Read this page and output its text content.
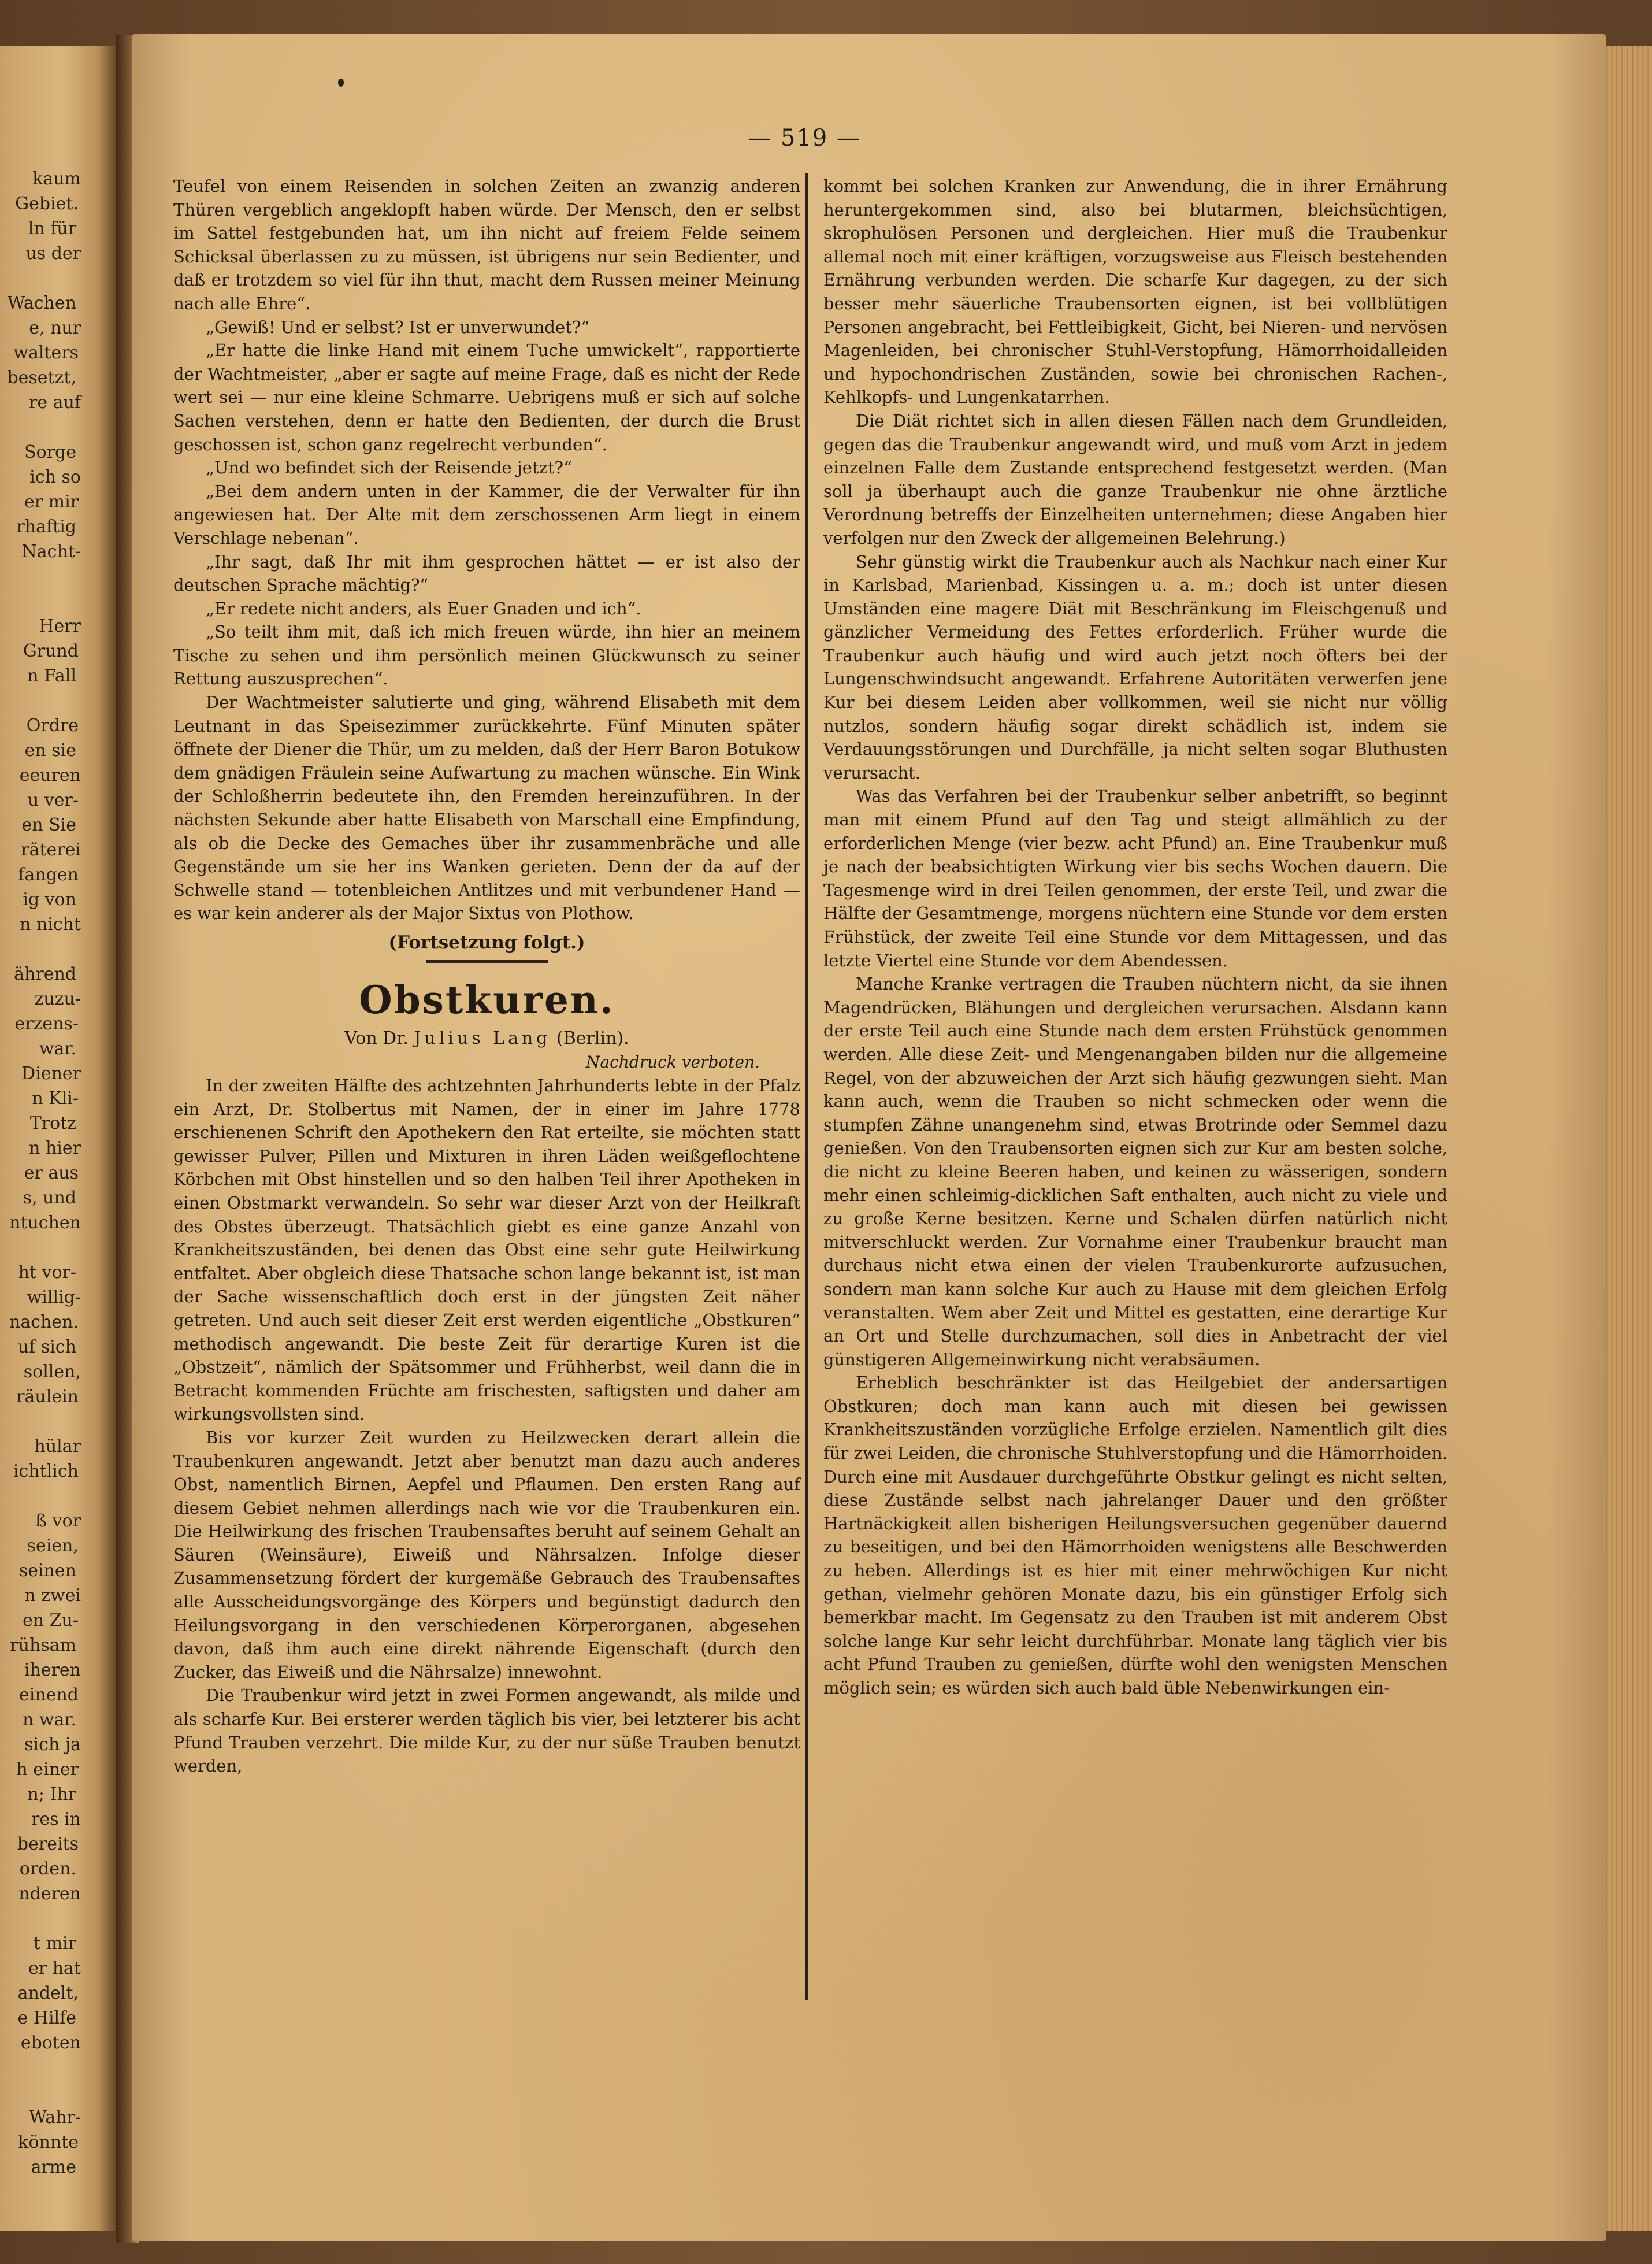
kaum
Gebiet.
ln für
us der
Wachen
e, nur
walters
besetzt,
re auf
Sorge
ich so
er mir
rhaftig
Nacht-
Herr
Grund
n Fall
Ordre
en sie
eeuren
u ver-
en Sie
räterei
fangen
ig von
n nicht
ährend
zuzu-
erzens-
war.
Diener
n Kli-
Trotz
n hier
er aus
s, und
ntuchen
ht vor-
willig-
nachen.
uf sich
sollen,
räulein
hülar
ichtlich
ß vor
seien,
seinen
n zwei
en Zu-
rühsam
iheren
einend
n war.
sich ja
h einer
n; Ihr
res in
bereits
orden.
nderen
t mir
er hat
andelt,
e Hilfe
eboten
Wahr-
könnte
arme
— 519 —

Teufel von einem Reisenden in solchen Zeiten an zwanzig anderen Thüren vergeblich angeklopft haben würde. Der Mensch, den er selbst im Sattel festgebunden hat, um ihn nicht auf freiem Felde seinem Schicksal überlassen zu zu müssen, ist übrigens nur sein Bedienter, und daß er trotzdem so viel für ihn thut, macht dem Russen meiner Meinung nach alle Ehre“.

„Gewiß! Und er selbst? Ist er unverwundet?“

„Er hatte die linke Hand mit einem Tuche umwickelt“, rapportierte der Wachtmeister, „aber er sagte auf meine Frage, daß es nicht der Rede wert sei — nur eine kleine Schmarre. Uebrigens muß er sich auf solche Sachen verstehen, denn er hatte den Bedienten, der durch die Brust geschossen ist, schon ganz regelrecht verbunden“.

„Und wo befindet sich der Reisende jetzt?“

„Bei dem andern unten in der Kammer, die der Verwalter für ihn angewiesen hat. Der Alte mit dem zerschossenen Arm liegt in einem Verschlage nebenan“.

„Ihr sagt, daß Ihr mit ihm gesprochen hättet — er ist also der deutschen Sprache mächtig?“

„Er redete nicht anders, als Euer Gnaden und ich“.

„So teilt ihm mit, daß ich mich freuen würde, ihn hier an meinem Tische zu sehen und ihm persönlich meinen Glückwunsch zu seiner Rettung auszusprechen“.

Der Wachtmeister salutierte und ging, während Elisabeth mit dem Leutnant in das Speisezimmer zurückkehrte. Fünf Minuten später öffnete der Diener die Thür, um zu melden, daß der Herr Baron Botukow dem gnädigen Fräulein seine Aufwartung zu machen wünsche. Ein Wink der Schloßherrin bedeutete ihn, den Fremden hereinzuführen. In der nächsten Sekunde aber hatte Elisabeth von Marschall eine Empfindung, als ob die Decke des Gemaches über ihr zusammenbräche und alle Gegenstände um sie her ins Wanken gerieten. Denn der da auf der Schwelle stand — totenbleichen Antlitzes und mit verbundener Hand — es war kein anderer als der Major Sixtus von Plothow.

(Fortsetzung folgt.)
Obstkuren.
Von Dr. Julius Lang (Berlin).
Nachdruck verboten.

In der zweiten Hälfte des achtzehnten Jahrhunderts lebte in der Pfalz ein Arzt, Dr. Stolbertus mit Namen, der in einer im Jahre 1778 erschienenen Schrift den Apothekern den Rat erteilte, sie möchten statt gewisser Pulver, Pillen und Mixturen in ihren Läden weißgeflochtene Körbchen mit Obst hinstellen und so den halben Teil ihrer Apotheken in einen Obstmarkt verwandeln. So sehr war dieser Arzt von der Heilkraft des Obstes überzeugt. Thatsächlich giebt es eine ganze Anzahl von Krankheitszuständen, bei denen das Obst eine sehr gute Heilwirkung entfaltet. Aber obgleich diese Thatsache schon lange bekannt ist, ist man der Sache wissenschaftlich doch erst in der jüngsten Zeit näher getreten. Und auch seit dieser Zeit erst werden eigentliche „Obstkuren“ methodisch angewandt. Die beste Zeit für derartige Kuren ist die „Obstzeit“, nämlich der Spätsommer und Frühherbst, weil dann die in Betracht kommenden Früchte am frischesten, saftigsten und daher am wirkungsvollsten sind.

Bis vor kurzer Zeit wurden zu Heilzwecken derart allein die Traubenkuren angewandt. Jetzt aber benutzt man dazu auch anderes Obst, namentlich Birnen, Aepfel und Pflaumen. Den ersten Rang auf diesem Gebiet nehmen allerdings nach wie vor die Traubenkuren ein. Die Heilwirkung des frischen Traubensaftes beruht auf seinem Gehalt an Säuren (Weinsäure), Eiweiß und Nährsalzen. Infolge dieser Zusammensetzung fördert der kurgemäße Gebrauch des Traubensaftes alle Ausscheidungsvorgänge des Körpers und begünstigt dadurch den Heilungsvorgang in den verschiedenen Körperorganen, abgesehen davon, daß ihm auch eine direkt nährende Eigenschaft (durch den Zucker, das Eiweiß und die Nährsalze) innewohnt.

Die Traubenkur wird jetzt in zwei Formen angewandt, als milde und als scharfe Kur. Bei ersterer werden täglich bis vier, bei letzterer bis acht Pfund Trauben verzehrt. Die milde Kur, zu der nur süße Trauben benutzt werden,

kommt bei solchen Kranken zur Anwendung, die in ihrer Ernährung heruntergekommen sind, also bei blutarmen, bleichsüchtigen, skrophulösen Personen und dergleichen. Hier muß die Traubenkur allemal noch mit einer kräftigen, vorzugsweise aus Fleisch bestehenden Ernährung verbunden werden. Die scharfe Kur dagegen, zu der sich besser mehr säuerliche Traubensorten eignen, ist bei vollblütigen Personen angebracht, bei Fettleibigkeit, Gicht, bei Nieren- und nervösen Magenleiden, bei chronischer Stuhl-Verstopfung, Hämorrhoidalleiden und hypochondrischen Zuständen, sowie bei chronischen Rachen-, Kehlkopfs- und Lungenkatarrhen.

Die Diät richtet sich in allen diesen Fällen nach dem Grundleiden, gegen das die Traubenkur angewandt wird, und muß vom Arzt in jedem einzelnen Falle dem Zustande entsprechend festgesetzt werden. (Man soll ja überhaupt auch die ganze Traubenkur nie ohne ärztliche Verordnung betreffs der Einzelheiten unternehmen; diese Angaben hier verfolgen nur den Zweck der allgemeinen Belehrung.)

Sehr günstig wirkt die Traubenkur auch als Nachkur nach einer Kur in Karlsbad, Marienbad, Kissingen u. a. m.; doch ist unter diesen Umständen eine magere Diät mit Beschränkung im Fleischgenuß und gänzlicher Vermeidung des Fettes erforderlich. Früher wurde die Traubenkur auch häufig und wird auch jetzt noch öfters bei der Lungenschwindsucht angewandt. Erfahrene Autoritäten verwerfen jene Kur bei diesem Leiden aber vollkommen, weil sie nicht nur völlig nutzlos, sondern häufig sogar direkt schädlich ist, indem sie Verdauungsstörungen und Durchfälle, ja nicht selten sogar Bluthusten verursacht.

Was das Verfahren bei der Traubenkur selber anbetrifft, so beginnt man mit einem Pfund auf den Tag und steigt allmählich zu der erforderlichen Menge (vier bezw. acht Pfund) an. Eine Traubenkur muß je nach der beabsichtigten Wirkung vier bis sechs Wochen dauern. Die Tagesmenge wird in drei Teilen genommen, der erste Teil, und zwar die Hälfte der Gesamtmenge, morgens nüchtern eine Stunde vor dem ersten Frühstück, der zweite Teil eine Stunde vor dem Mittagessen, und das letzte Viertel eine Stunde vor dem Abendessen.

Manche Kranke vertragen die Trauben nüchtern nicht, da sie ihnen Magendrücken, Blähungen und dergleichen verursachen. Alsdann kann der erste Teil auch eine Stunde nach dem ersten Frühstück genommen werden. Alle diese Zeit- und Mengenangaben bilden nur die allgemeine Regel, von der abzuweichen der Arzt sich häufig gezwungen sieht. Man kann auch, wenn die Trauben so nicht schmecken oder wenn die stumpfen Zähne unangenehm sind, etwas Brotrinde oder Semmel dazu genießen. Von den Traubensorten eignen sich zur Kur am besten solche, die nicht zu kleine Beeren haben, und keinen zu wässerigen, sondern mehr einen schleimig-dicklichen Saft enthalten, auch nicht zu viele und zu große Kerne besitzen. Kerne und Schalen dürfen natürlich nicht mitverschluckt werden. Zur Vornahme einer Traubenkur braucht man durchaus nicht etwa einen der vielen Traubenkurorte aufzusuchen, sondern man kann solche Kur auch zu Hause mit dem gleichen Erfolg veranstalten. Wem aber Zeit und Mittel es gestatten, eine derartige Kur an Ort und Stelle durchzumachen, soll dies in Anbetracht der viel günstigeren Allgemeinwirkung nicht verabsäumen.

Erheblich beschränkter ist das Heilgebiet der andersartigen Obstkuren; doch man kann auch mit diesen bei gewissen Krankheitszuständen vorzügliche Erfolge erzielen. Namentlich gilt dies für zwei Leiden, die chronische Stuhlverstopfung und die Hämorrhoiden. Durch eine mit Ausdauer durchgeführte Obstkur gelingt es nicht selten, diese Zustände selbst nach jahrelanger Dauer und den größter Hartnäckigkeit allen bisherigen Heilungsversuchen gegenüber dauernd zu beseitigen, und bei den Hämorrhoiden wenigstens alle Beschwerden zu heben. Allerdings ist es hier mit einer mehrwöchigen Kur nicht gethan, vielmehr gehören Monate dazu, bis ein günstiger Erfolg sich bemerkbar macht. Im Gegensatz zu den Trauben ist mit anderem Obst solche lange Kur sehr leicht durchführbar. Monate lang täglich vier bis acht Pfund Trauben zu genießen, dürfte wohl den wenigsten Menschen möglich sein; es würden sich auch bald üble Nebenwirkungen ein-
